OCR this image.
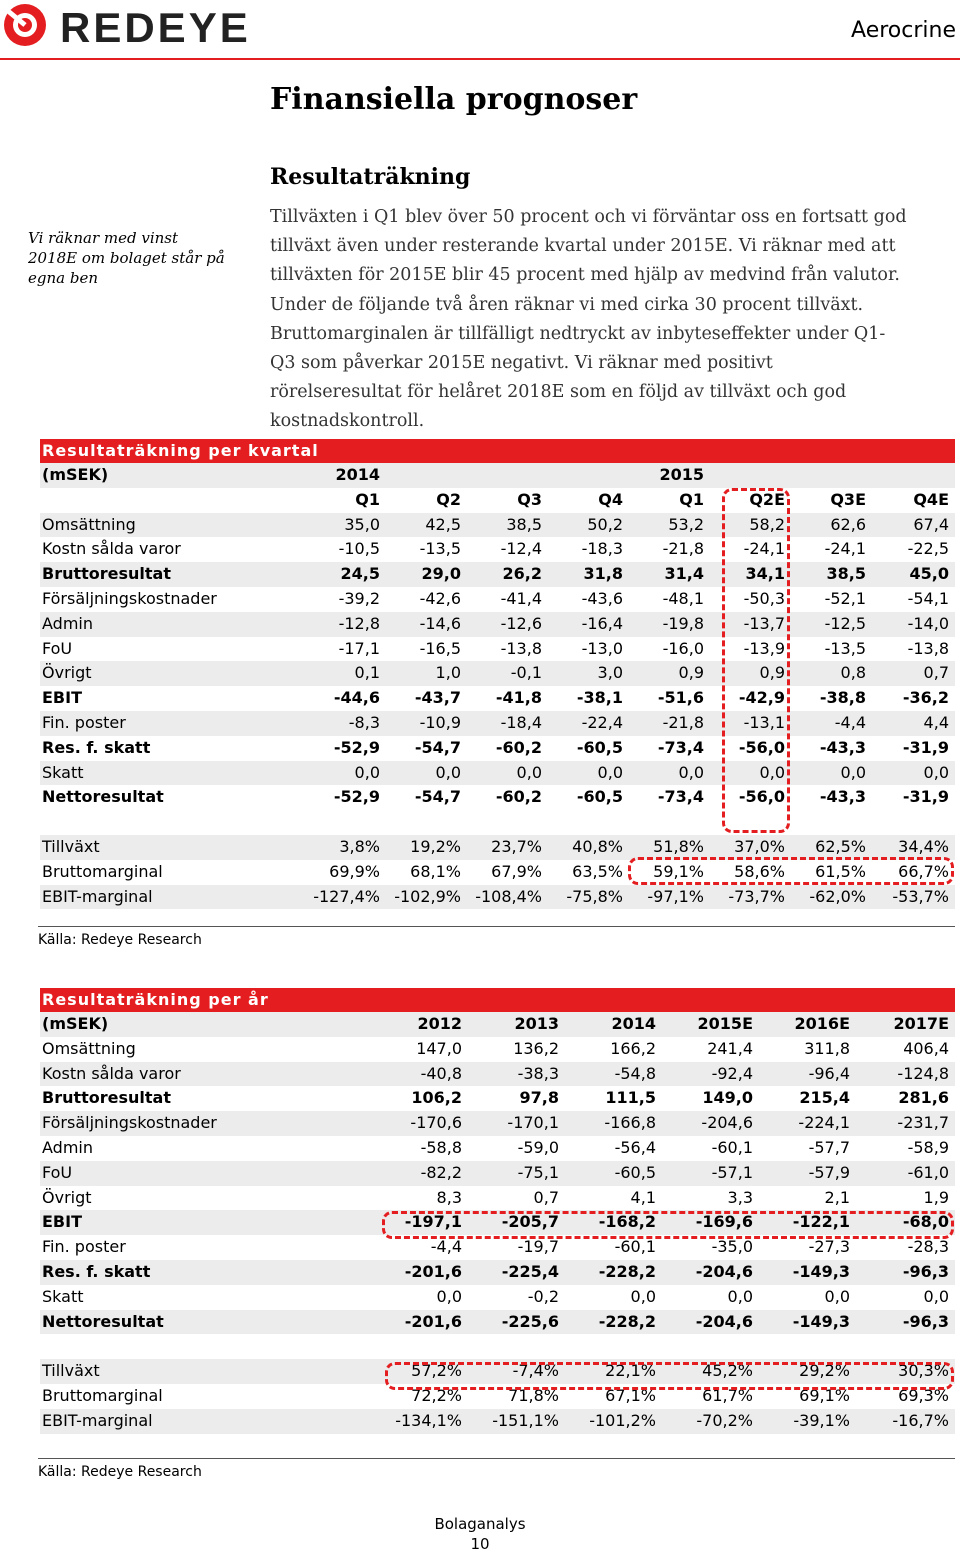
REDEYE	Aerocrine
Finansiella prognoser
Resultaträkning
Vi räknar med vinst 2018E om bolaget står på egna ben
Tillväxten i Q1 blev över 50 procent och vi förväntar oss en fortsatt god tillväxt även under resterande kvartal under 2015E. Vi räknar med att tillväxten för 2015E blir 45 procent med hjälp av medvind från valutor. Under de följande två åren räknar vi med cirka 30 procent tillväxt. Bruttomarginalen är tillfälligt nedtryckt av inbyteseffekter under Q1-Q3 som påverkar 2015E negativt. Vi räknar med positivt rörelseresultat för helåret 2018E som en följd av tillväxt och god kostnadskontroll.
Resultaträkning per kvartal
(mSEK)	2014	2015
Q1	Q2	Q3	Q4	Q1	Q2E	Q3E	Q4E
Omsättning	35,0	42,5	38,5	50,2	53,2	58,2	62,6	67,4
Kostn sålda varor	-10,5 -13,5 -12,4 -18,3 -21,8 -24,1 -24,1	-22,5
Bruttoresultat	24,5	29,0	26,2	31,8	31,4	34,1	38,5	45,0
Försäljningskostnader	-39,2 -42,6 -41,4 -43,6 -48,1 -50,3 -52,1	-54,1
Admin	-12,8 -14,6 -12,6 -16,4 -19,8 -13,7 -12,5	-14,0
FoU	-17,1 -16,5 -13,8 -13,0 -16,0 -13,9 -13,5	-13,8
Övrigt	0,1	1,0	-0,1	3,0	0,9	0,9	0,8	0,7
EBIT	-44,6 -43,7 -41,8 -38,1 -51,6 -42,9 -38,8 -36,2
Fin. poster	-8,3 -10,9 -18,4 -22,4 -21,8 -13,1	-4,4	4,4
Res. f. skatt	-52,9 -54,7 -60,2 -60,5 -73,4 -56,0 -43,3 -31,9
Skatt	0,0	0,0	0,0	0,0	0,0	0,0	0,0	0,0
Nettoresultat	-52,9 -54,7 -60,2 -60,5 -73,4 -56,0 -43,3 -31,9
Tillväxt	3,8% 19,2% 23,7% 40,8% 51,8% 37,0% 62,5% 34,4%
Bruttomarginal	69,9% 68,1% 67,9% 63,5% 59,1% 58,6% 61,5% 66,7%
EBIT-marginal	-127,4% -102,9% -108,4% -75,8% -97,1% -73,7% -62,0% -53,7%
Källa: Redeye Research
Resultaträkning per år
(mSEK)	2012	2013	2014	2015E	2016E	2017E
Omsättning	147,0	136,2	166,2	241,4	311,8	406,4
Kostn sålda varor	-40,8	-38,3	-54,8	-92,4	-96,4	-124,8
Bruttoresultat	106,2	97,8	111,5	149,0	215,4	281,6
Försäljningskostnader	-170,6	-170,1	-166,8	-204,6	-224,1	-231,7
Admin	-58,8	-59,0	-56,4	-60,1	-57,7	-58,9
FoU	-82,2	-75,1	-60,5	-57,1	-57,9	-61,0
Övrigt	8,3	0,7	4,1	3,3	2,1	1,9
EBIT	-197,1 -205,7 -168,2 -169,6 -122,1	-68,0
Fin. poster	-4,4	-19,7	-60,1	-35,0	-27,3	-28,3
Res. f. skatt	-201,6 -225,4 -228,2 -204,6 -149,3	-96,3
Skatt	0,0	-0,2	0,0	0,0	0,0	0,0
Nettoresultat	-201,6 -225,6 -228,2 -204,6 -149,3	-96,3
Tillväxt	57,2%	-7,4%	22,1%	45,2%	29,2%	30,3%
Bruttomarginal	72,2%	71,8%	67,1%	61,7%	69,1%	69,3%
EBIT-marginal	-134,1% -151,1% -101,2%	-70,2%	-39,1%	-16,7%
Källa: Redeye Research
Bolaganalys
10
